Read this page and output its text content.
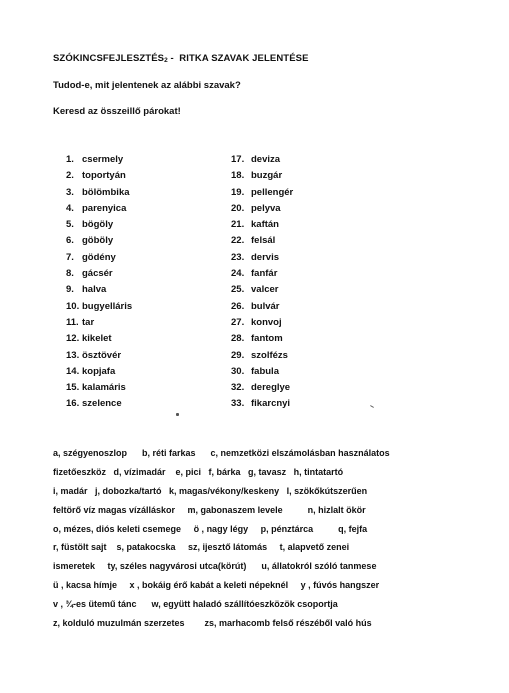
$SZÓKINCSFEJLESZTÉS_2$ -  RITKA SZAVAK JELENTÉSE
Tudod-e, mit jelentenek az alábbi szavak?
Keresd az összeillő párokat!
1. csermely
2. toportyán
3. bölömbika
4. parenyica
5. bögöly
6. göböly
7. gödény
8. gácsér
9. halva
10. bugyelláris
11. tar
12. kikelet
13. ösztövér
14. kopjafa
15. kalamáris
16. szelence
17. deviza
18. buzgár
19. pellengér
20. pelyva
21. kaftán
22. felsál
23. dervis
24. fanfár
25. valcer
26. bulvár
27. konvoj
28. fantom
29. szolfézs
30. fabula
32. dereglye
33. fikarcnyi
a, szégyenoszlop      b, réti farkas      c, nemzetközi elszámolásban használatos
fizetőeszköz   d, vízimadár    e, pici   f, bárka   g, tavasz   h, tintatartó
i, madár   j, dobozka/tartó   k, magas/vékony/keskeny   l, szökőkútszerűen
feltörő víz magas vízálláskor     m, gabonaszem levele          n, hizlalt ökör
o, mézes, diós keleti csemege     ö , nagy légy     p, pénztárca          q, fejfa
r, füstölt sajt    s, patakocska     sz, ijesztő látomás     t, alapvető zenei
ismeretek     ty, széles nagyvárosi utca(körút)      u, állatokról szóló tanmese
ü , kacsa hímje     x , bokáig érő kabát a keleti népeknél     y , fúvós hangszer
v , ¾-es ütemű tánc      w, együtt haladó szállítóeszközök csoportja
z, kolduló muzulmán szerzetes        zs, marhacomb felső részéből való hús
